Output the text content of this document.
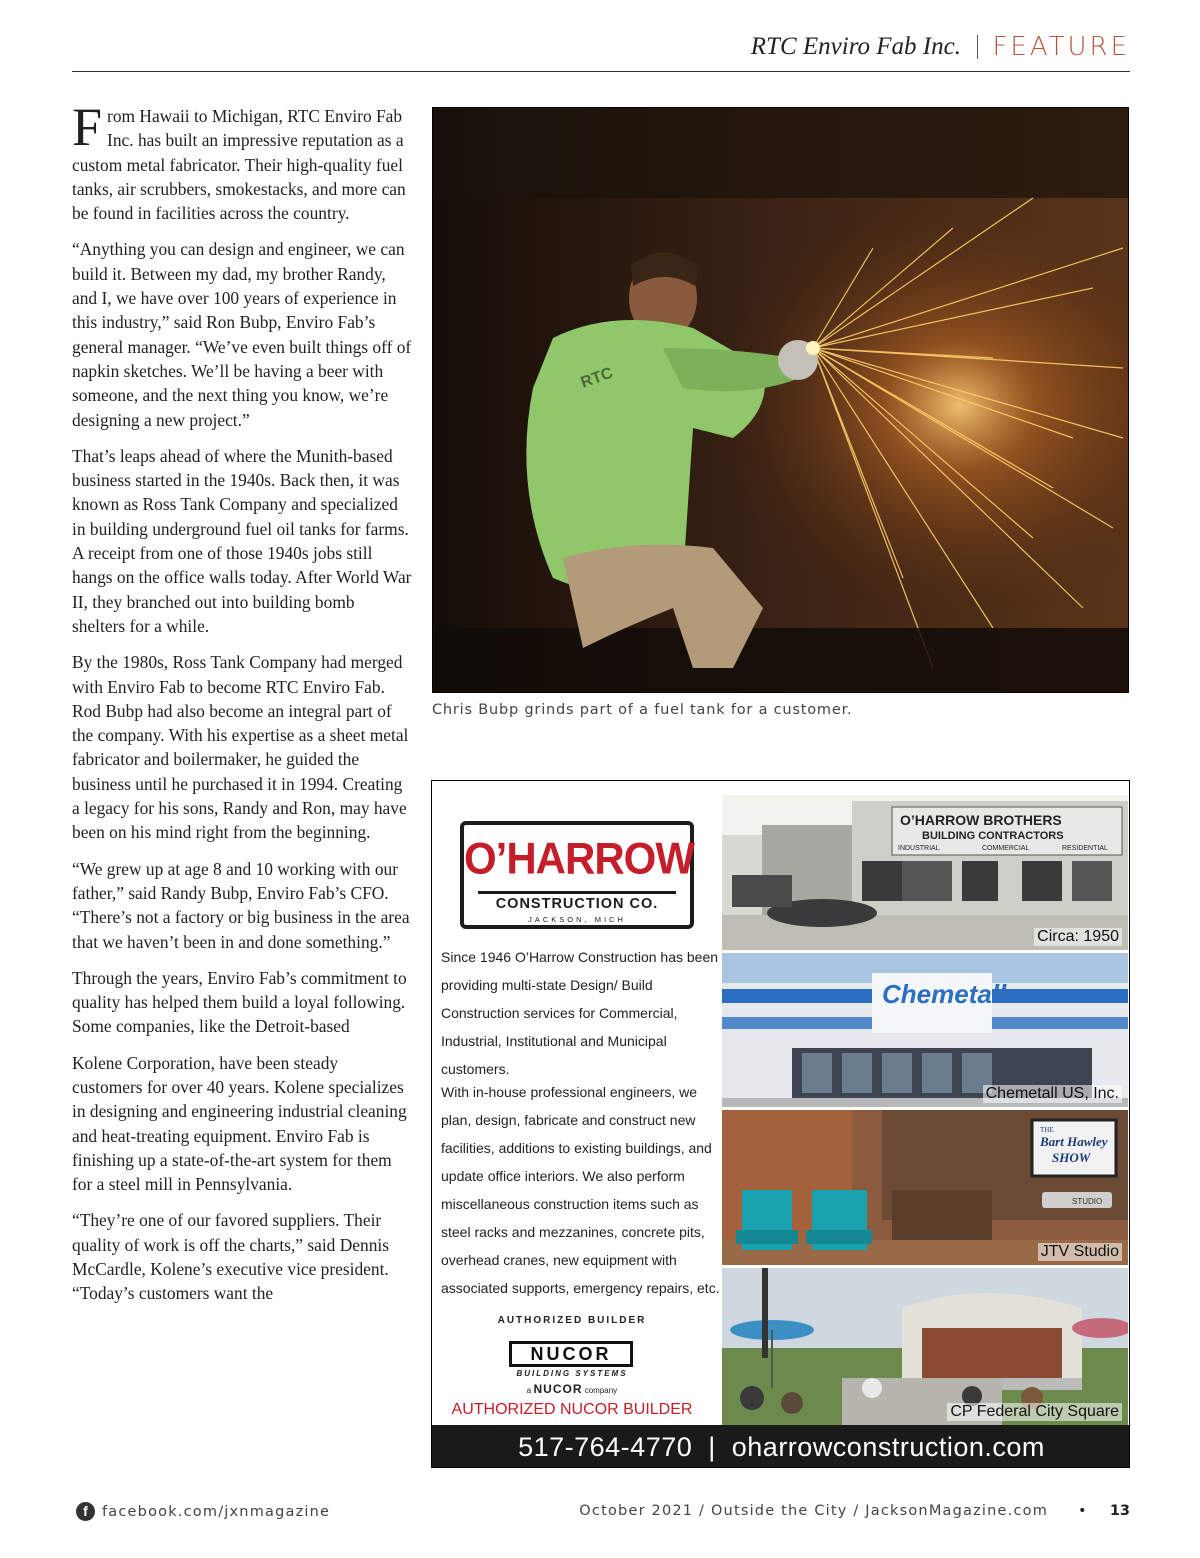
RTC Enviro Fab Inc. FEATURE

From Hawaii to Michigan, RTC Enviro Fab Inc. has built an impressive reputation as a custom metal fabricator. Their high-quality fuel tanks, air scrubbers, smokestacks, and more can be found in facilities across the country.

“Anything you can design and engineer, we can build it. Between my dad, my brother Randy, and I, we have over 100 years of experience in this industry,” said Ron Bubp, Enviro Fab’s general manager. “We’ve even built things off of napkin sketches. We’ll be having a beer with someone, and the next thing you know, we’re designing a new project.”

That’s leaps ahead of where the Munith-based business started in the 1940s. Back then, it was known as Ross Tank Company and specialized in building underground fuel oil tanks for farms. A receipt from one of those 1940s jobs still hangs on the office walls today. After World War II, they branched out into building bomb shelters for a while.

By the 1980s, Ross Tank Company had merged with Enviro Fab to become RTC Enviro Fab. Rod Bubp had also become an integral part of the company. With his expertise as a sheet metal fabricator and boilermaker, he guided the business until he purchased it in 1994. Creating a legacy for his sons, Randy and Ron, may have been on his mind right from the beginning.

“We grew up at age 8 and 10 working with our father,” said Randy Bubp, Enviro Fab’s CFO. “There’s not a factory or big business in the area that we haven’t been in and done something.”

Through the years, Enviro Fab’s commitment to quality has helped them build a loyal following. Some companies, like the Detroit-based

Kolene Corporation, have been steady customers for over 40 years. Kolene specializes in designing and engineering industrial cleaning and heat-treating equipment. Enviro Fab is finishing up a state-of-the-art system for them for a steel mill in Pennsylvania.

“They’re one of our favored suppliers. Their quality of work is off the charts,” said Dennis McCardle, Kolene’s executive vice president. “Today’s customers want the

RTC
Chris Bubp grinds part of a fuel tank for a customer.
O’HARROW
CONSTRUCTION CO.
JACKSON, MICH
Since 1946 O’Harrow Construction has been providing multi-state Design/ Build Construction services for Commercial, Industrial, Institutional and Municipal customers.
With in-house professional engineers, we plan, design, fabricate and construct new facilities, additions to existing buildings, and update office interiors. We also perform miscellaneous construction items such as steel racks and mezzanines, concrete pits, overhead cranes, new equipment with associated supports, emergency repairs, etc.
AUTHORIZED BUILDER
NUCOR
BUILDING SYSTEMS
a NUCOR company
AUTHORIZED NUCOR BUILDER
O’HARROW BROTHERS
BUILDING CONTRACTORS
INDUSTRIAL	COMMERCIAL	RESIDENTIAL
Circa: 1950
Chemetall
Chemetall US, Inc.
THE
Bart Hawley
SHOW
STUDIO
JTV Studio
CP Federal City Square
517-764-4770 | oharrowconstruction.com
f facebook.com/jxnmagazine	October 2021 / Outside the City / JacksonMagazine.com • 13
